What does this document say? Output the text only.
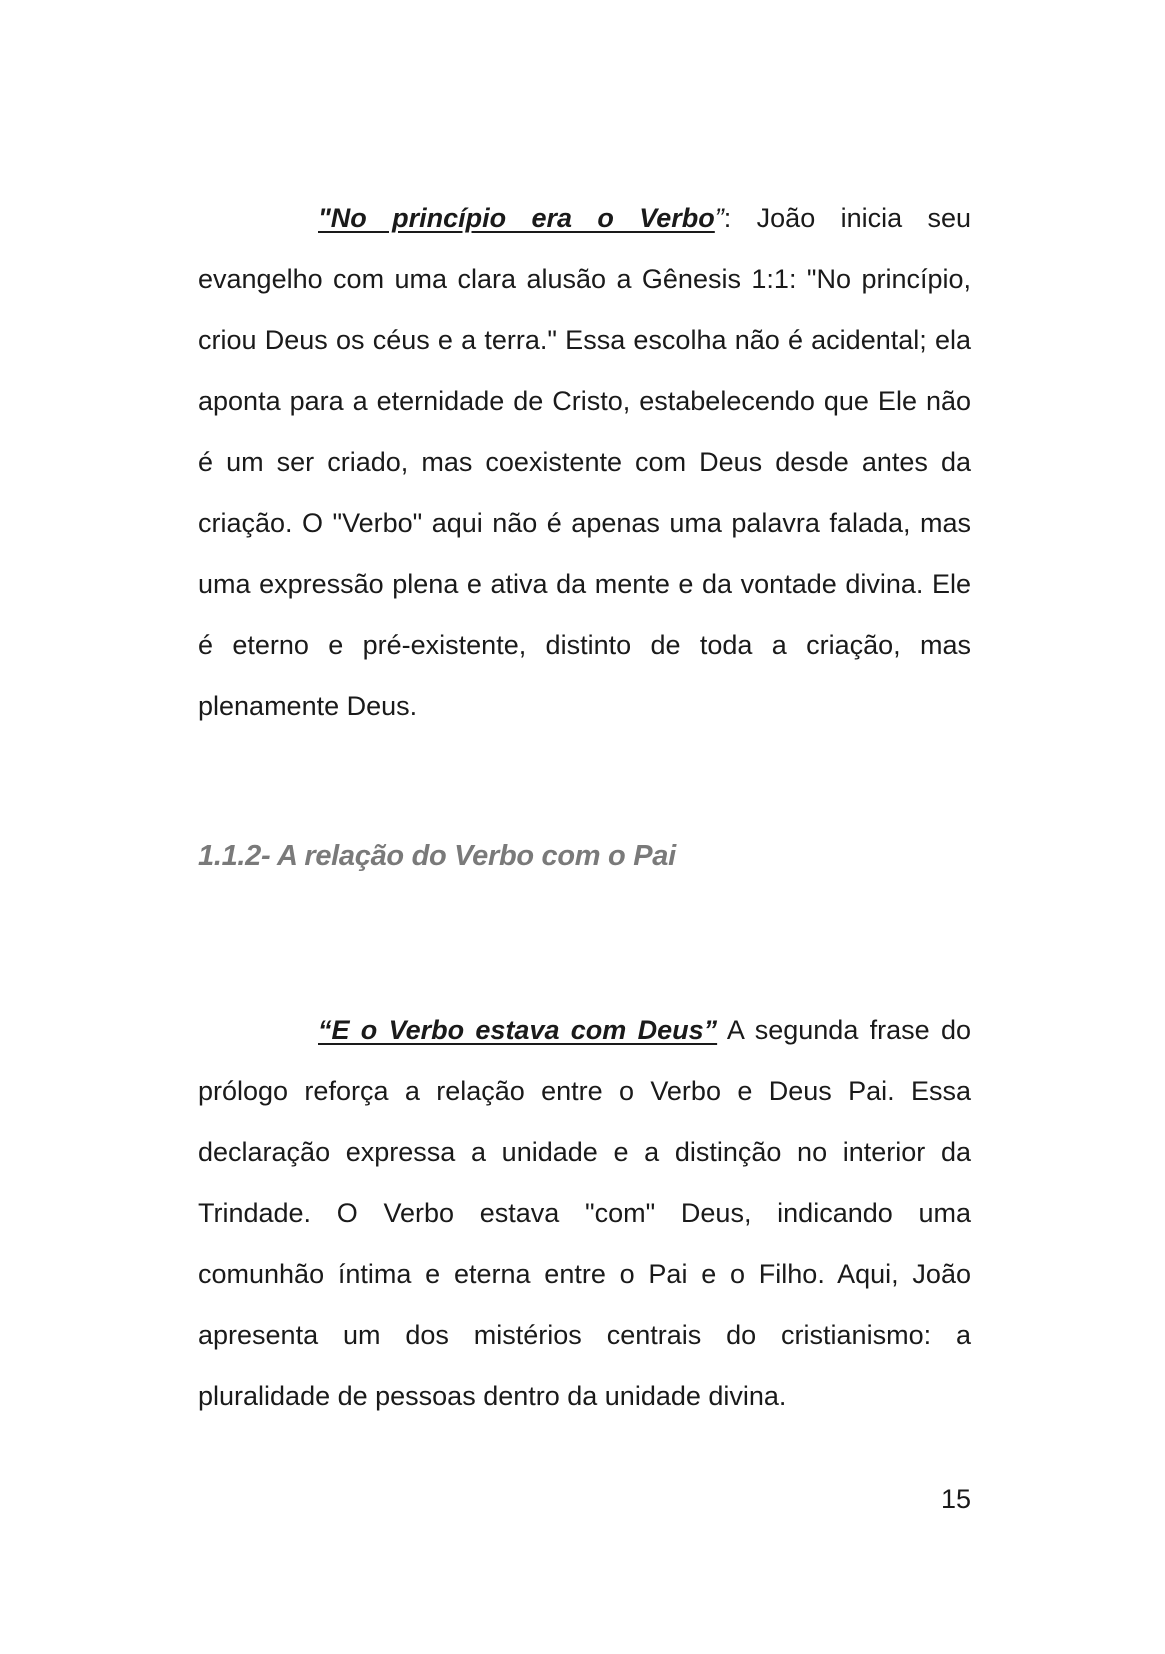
"No princípio era o Verbo”: João inicia seu evangelho com uma clara alusão a Gênesis 1:1: "No princípio, criou Deus os céus e a terra." Essa escolha não é acidental; ela aponta para a eternidade de Cristo, estabelecendo que Ele não é um ser criado, mas coexistente com Deus desde antes da criação. O "Verbo" aqui não é apenas uma palavra falada, mas uma expressão plena e ativa da mente e da vontade divina. Ele é eterno e pré-existente, distinto de toda a criação, mas plenamente Deus.

1.1.2- A relação do Verbo com o Pai

“E o Verbo estava com Deus” A segunda frase do prólogo reforça a relação entre o Verbo e Deus Pai. Essa declaração expressa a unidade e a distinção no interior da Trindade. O Verbo estava "com" Deus, indicando uma comunhão íntima e eterna entre o Pai e o Filho. Aqui, João apresenta um dos mistérios centrais do cristianismo: a pluralidade de pessoas dentro da unidade divina.

15
